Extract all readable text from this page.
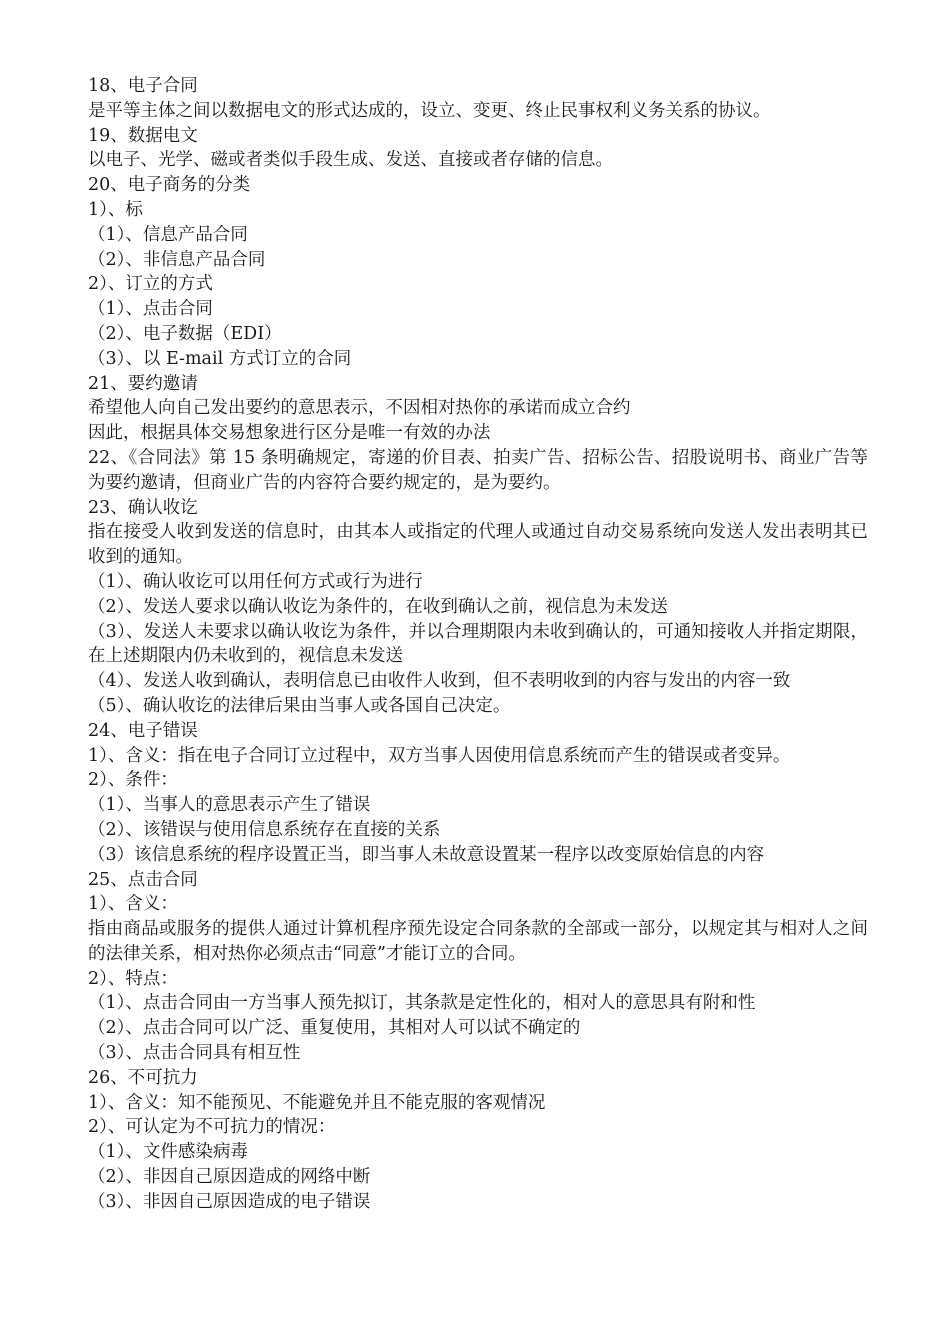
18、电子合同

是平等主体之间以数据电文的形式达成的，设立、变更、终止民事权利义务关系的协议。

19、数据电文

以电子、光学、磁或者类似手段生成、发送、直接或者存储的信息。

20、电子商务的分类

1）、标

（1）、信息产品合同

（2）、非信息产品合同

2）、订立的方式

（1）、点击合同

（2）、电子数据（EDI）

（3）、以 E-mail 方式订立的合同

21、要约邀请

希望他人向自己发出要约的意思表示，不因相对热你的承诺而成立合约

因此，根据具体交易想象进行区分是唯一有效的办法

22、《合同法》第 15 条明确规定，寄递的价目表、拍卖广告、招标公告、招股说明书、商业广告等为要约邀请，但商业广告的内容符合要约规定的，是为要约。

23、确认收讫

指在接受人收到发送的信息时，由其本人或指定的代理人或通过自动交易系统向发送人发出表明其已收到的通知。

（1）、确认收讫可以用任何方式或行为进行

（2）、发送人要求以确认收讫为条件的，在收到确认之前，视信息为未发送

（3）、发送人未要求以确认收讫为条件，并以合理期限内未收到确认的，可通知接收人并指定期限，在上述期限内仍未收到的，视信息未发送

（4）、发送人收到确认，表明信息已由收件人收到，但不表明收到的内容与发出的内容一致

（5）、确认收讫的法律后果由当事人或各国自己决定。

24、电子错误

1）、含义：指在电子合同订立过程中，双方当事人因使用信息系统而产生的错误或者变异。

2）、条件：

（1）、当事人的意思表示产生了错误

（2）、该错误与使用信息系统存在直接的关系

（3）该信息系统的程序设置正当，即当事人未故意设置某一程序以改变原始信息的内容

25、点击合同

1）、含义：

指由商品或服务的提供人通过计算机程序预先设定合同条款的全部或一部分，以规定其与相对人之间的法律关系，相对热你必须点击“同意”才能订立的合同。

2）、特点：

（1）、点击合同由一方当事人预先拟订，其条款是定性化的，相对人的意思具有附和性

（2）、点击合同可以广泛、重复使用，其相对人可以试不确定的

（3）、点击合同具有相互性

26、不可抗力

1）、含义：知不能预见、不能避免并且不能克服的客观情况

2）、可认定为不可抗力的情况：

（1）、文件感染病毒

（2）、非因自己原因造成的网络中断

（3）、非因自己原因造成的电子错误
